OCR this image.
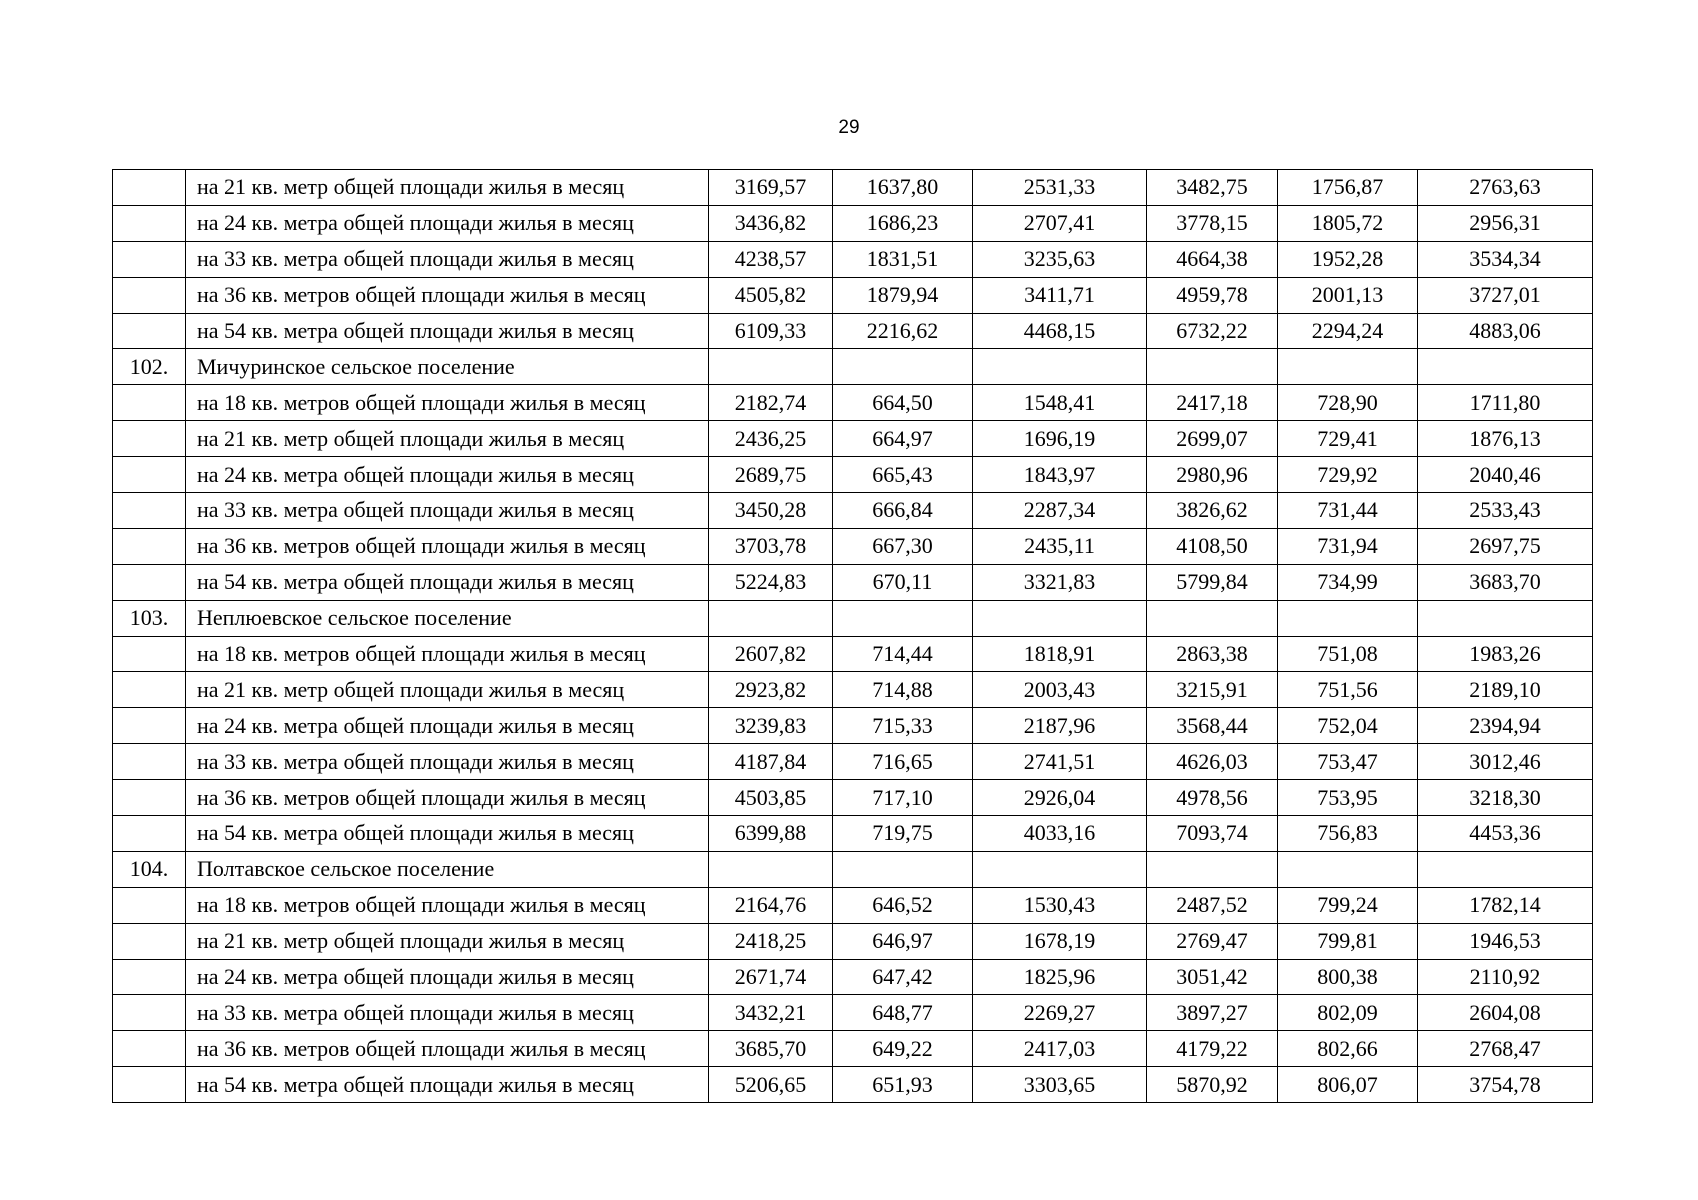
29
	на 21 кв. метр общей площади жилья в месяц	3169,57	1637,80	2531,33	3482,75	1756,87	2763,63
	на 24 кв. метра общей площади жилья в месяц	3436,82	1686,23	2707,41	3778,15	1805,72	2956,31
	на 33 кв. метра общей площади жилья в месяц	4238,57	1831,51	3235,63	4664,38	1952,28	3534,34
	на 36 кв. метров общей площади жилья в месяц	4505,82	1879,94	3411,71	4959,78	2001,13	3727,01
	на 54 кв. метра общей площади жилья в месяц	6109,33	2216,62	4468,15	6732,22	2294,24	4883,06
102.	Мичуринское сельское поселение						
	на 18 кв. метров общей площади жилья в месяц	2182,74	664,50	1548,41	2417,18	728,90	1711,80
	на 21 кв. метр общей площади жилья в месяц	2436,25	664,97	1696,19	2699,07	729,41	1876,13
	на 24 кв. метра общей площади жилья в месяц	2689,75	665,43	1843,97	2980,96	729,92	2040,46
	на 33 кв. метра общей площади жилья в месяц	3450,28	666,84	2287,34	3826,62	731,44	2533,43
	на 36 кв. метров общей площади жилья в месяц	3703,78	667,30	2435,11	4108,50	731,94	2697,75
	на 54 кв. метра общей площади жилья в месяц	5224,83	670,11	3321,83	5799,84	734,99	3683,70
103.	Неплюевское сельское поселение						
	на 18 кв. метров общей площади жилья в месяц	2607,82	714,44	1818,91	2863,38	751,08	1983,26
	на 21 кв. метр общей площади жилья в месяц	2923,82	714,88	2003,43	3215,91	751,56	2189,10
	на 24 кв. метра общей площади жилья в месяц	3239,83	715,33	2187,96	3568,44	752,04	2394,94
	на 33 кв. метра общей площади жилья в месяц	4187,84	716,65	2741,51	4626,03	753,47	3012,46
	на 36 кв. метров общей площади жилья в месяц	4503,85	717,10	2926,04	4978,56	753,95	3218,30
	на 54 кв. метра общей площади жилья в месяц	6399,88	719,75	4033,16	7093,74	756,83	4453,36
104.	Полтавское сельское поселение						
	на 18 кв. метров общей площади жилья в месяц	2164,76	646,52	1530,43	2487,52	799,24	1782,14
	на 21 кв. метр общей площади жилья в месяц	2418,25	646,97	1678,19	2769,47	799,81	1946,53
	на 24 кв. метра общей площади жилья в месяц	2671,74	647,42	1825,96	3051,42	800,38	2110,92
	на 33 кв. метра общей площади жилья в месяц	3432,21	648,77	2269,27	3897,27	802,09	2604,08
	на 36 кв. метров общей площади жилья в месяц	3685,70	649,22	2417,03	4179,22	802,66	2768,47
	на 54 кв. метра общей площади жилья в месяц	5206,65	651,93	3303,65	5870,92	806,07	3754,78
